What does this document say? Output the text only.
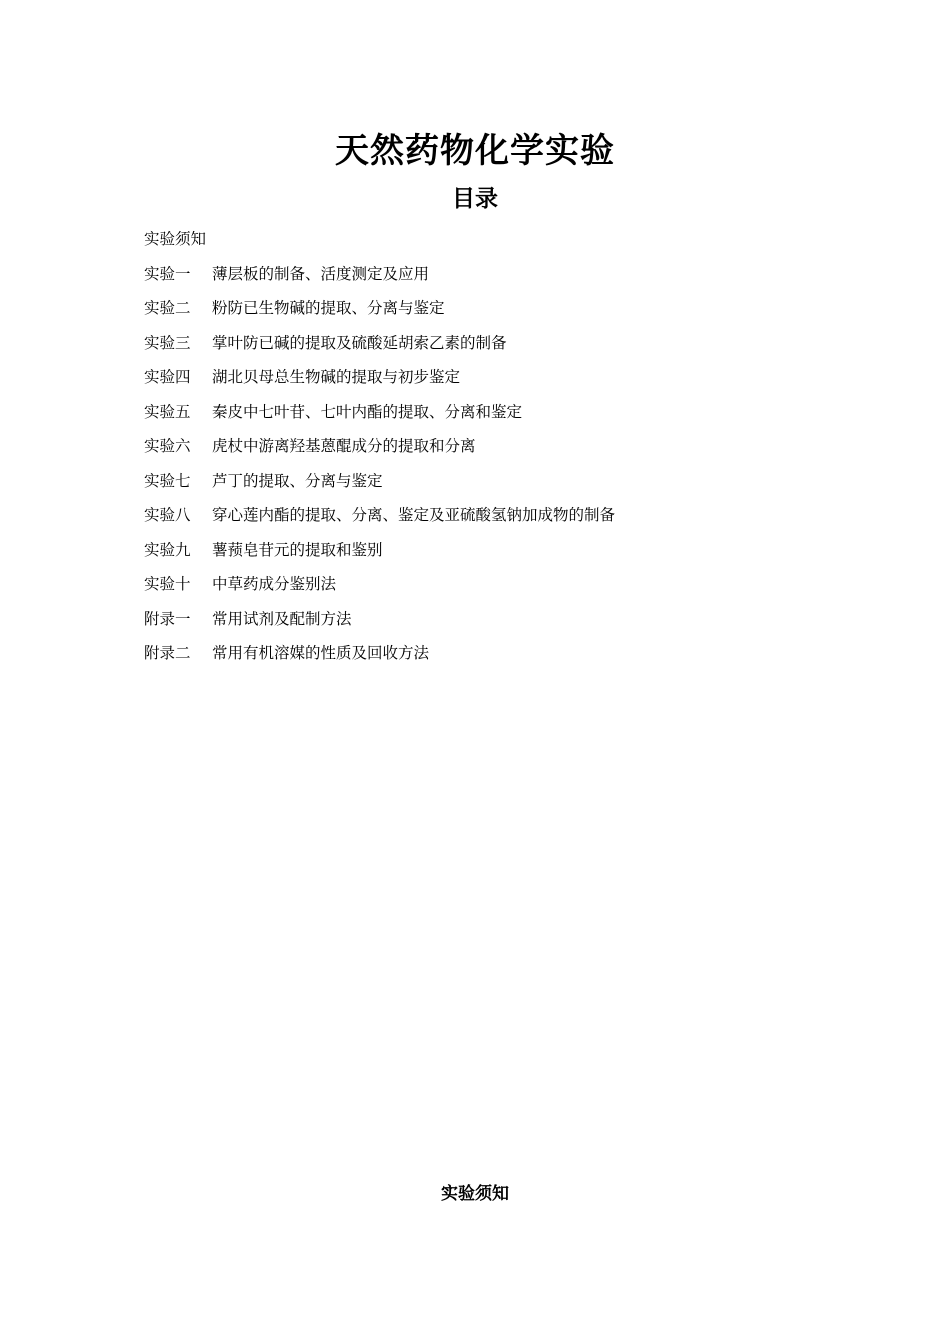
天然药物化学实验
目录
实验须知
实验一 薄层板的制备、活度测定及应用
实验二 粉防已生物碱的提取、分离与鉴定
实验三 掌叶防已碱的提取及硫酸延胡索乙素的制备
实验四 湖北贝母总生物碱的提取与初步鉴定
实验五 秦皮中七叶苷、七叶内酯的提取、分离和鉴定
实验六 虎杖中游离羟基蒽醌成分的提取和分离
实验七 芦丁的提取、分离与鉴定
实验八 穿心莲内酯的提取、分离、鉴定及亚硫酸氢钠加成物的制备
实验九 薯蓣皂苷元的提取和鉴别
实验十 中草药成分鉴别法
附录一 常用试剂及配制方法
附录二 常用有机溶媒的性质及回收方法
实验须知
